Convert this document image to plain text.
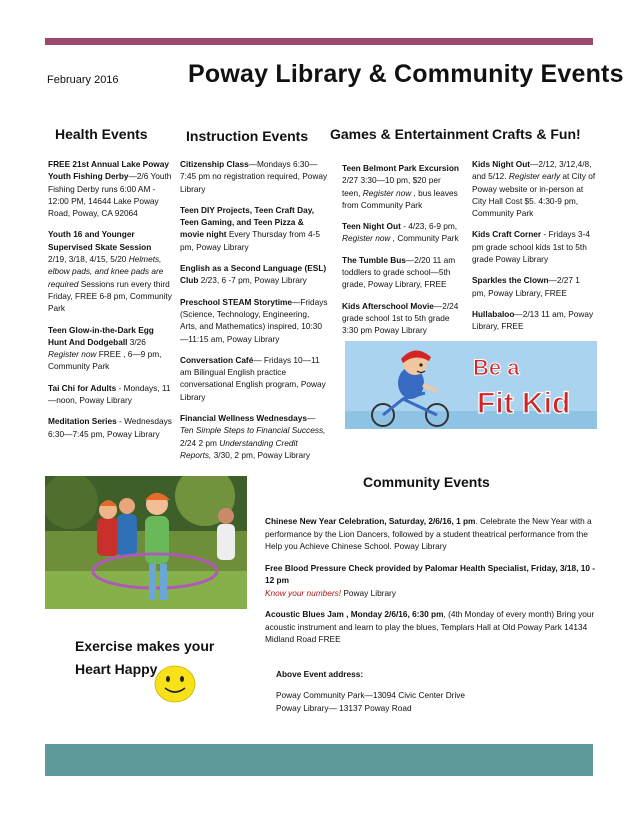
February 2016	Poway Library & Community Events
Health Events	Instruction Events Games & Entertainment Crafts & Fun!

FREE 21st Annual Lake Poway Youth Fishing Derby—2/6 Youth Fishing Derby runs 6:00 AM - 12:00 PM, 14644 Lake Poway Road, Poway, CA 92064

Youth 16 and Younger Supervised Skate Session 2/19, 3/18, 4/15, 5/20 Helmets, elbow pads, and knee pads are required Sessions run every third Friday, FREE 6-8 pm, Community Park

Teen Glow-in-the-Dark Egg Hunt And Dodgeball 3/26 Register now FREE , 6—9 pm, Community Park

Tai Chi for Adults - Mondays, 11—noon, Poway Library

Meditation Series - Wednesdays 6:30—7:45 pm, Poway Library

Citizenship Class—Mondays 6:30—7:45 pm no registration required, Poway Library

Teen DIY Projects, Teen Craft Day, Teen Gaming, and Teen Pizza & movie night Every Thursday from 4-5 pm, Poway Library

English as a Second Language (ESL) Club 2/23, 6 -7 pm, Poway Library

Preschool STEAM Storytime—Fridays (Science, Technology, Engineering, Arts, and Mathematics) inspired, 10:30—11:15 am, Poway Library

Conversation Café— Fridays 10—11 am Bilingual English practice conversational English program, Poway Library

Financial Wellness Wednesdays—Ten Simple Steps to Financial Success, 2/24 2 pm Understanding Credit Reports, 3/30, 2 pm, Poway Library

Teen Belmont Park Excursion 2/27 3:30—10 pm, $20 per teen, Register now , bus leaves from Community Park

Teen Night Out - 4/23, 6-9 pm, Register now , Community Park

The Tumble Bus—2/20 11 am toddlers to grade school—5th grade, Poway Library, FREE

Kids Afterschool Movie—2/24 grade school 1st to 5th grade 3:30 pm Poway Library

Kids Night Out—2/12, 3/12,4/8, and 5/12. Register early at City of Poway website or in-person at City Hall Cost $5. 4:30-9 pm, Community Park

Kids Craft Corner - Fridays 3-4 pm grade school kids 1st to 5th grade Poway Library

Sparkles the Clown—2/27 1 pm, Poway Library, FREE

Hullabaloo—2/13 11 am, Poway Library, FREE

Be a
Fit Kid
Community Events

Chinese New Year Celebration, Saturday, 2/6/16, 1 pm. Celebrate the New Year with a performance by the Lion Dancers, followed by a student theatrical performance from the Help you Achieve Chinese School. Poway Library

Free Blood Pressure Check provided by Palomar Health Specialist, Friday, 3/18, 10 - 12 pm
Know your numbers! Poway Library

Acoustic Blues Jam , Monday 2/6/16, 6:30 pm, (4th Monday of every month) Bring your acoustic instrument and learn to play the blues, Templars Hall at Old Poway Park 14134 Midland Road FREE

Above Event address:
Poway Community Park—13094 Civic Center Drive
Poway Library— 13137 Poway Road
Exercise makes your
Heart Happy
